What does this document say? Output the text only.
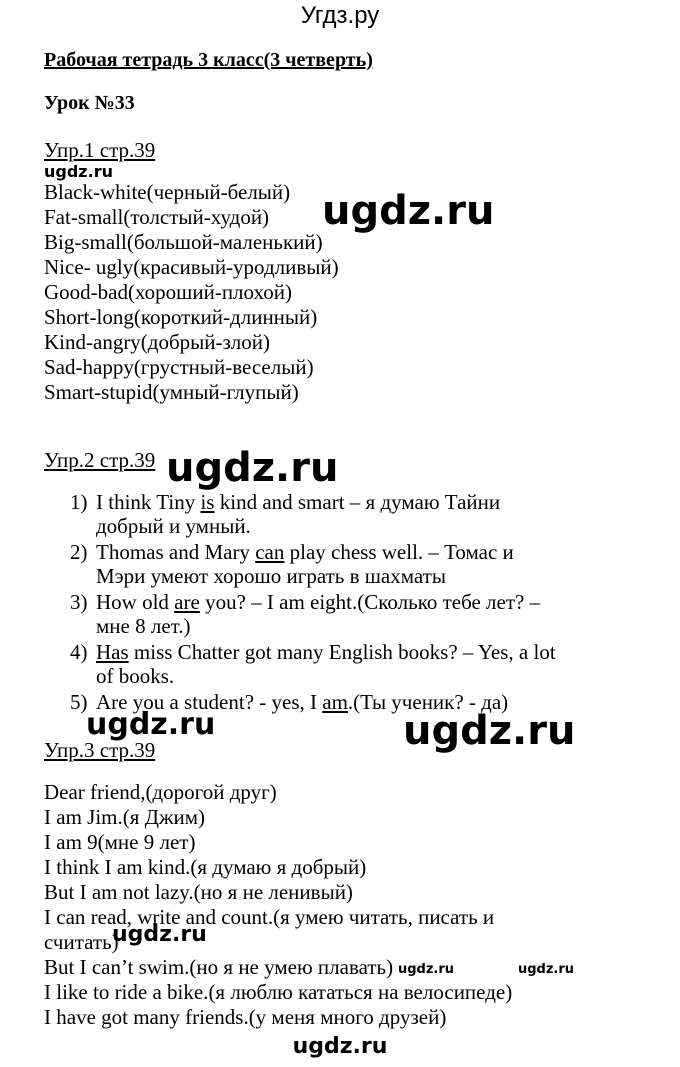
Угдз.ру
Рабочая тетрадь 3 класс(3 четверть)
Урок №33
Упр.1 стр.39
ugdz.ru
Black-white(черный-белый)
Fat-small(толстый-худой)
Big-small(большой-маленький)
Nice- ugly(красивый-уродливый)
Good-bad(хороший-плохой)
Short-long(короткий-длинный)
Kind-angry(добрый-злой)
Sad-happy(грустный-веселый)
Smart-stupid(умный-глупый)
ugdz.ru
Упр.2 стр.39 ugdz.ru
1) I think Tiny is kind and smart – я думаю Тайни
добрый и умный.
2) Thomas and Mary can play chess well. – Томас и
Мэри умеют хорошо играть в шахматы
3) How old are you? – I am eight.(Сколько тебе лет? –
мне 8 лет.)
4) Has miss Chatter got many English books? – Yes, a lot
of books.
5) Are you a student? - yes, I am.(Ты ученик? - да)
ugdz.ru	ugdz.ru
Упр.3 стр.39
Dear friend,(дорогой друг)
I am Jim.(я Джим)
I am 9(мне 9 лет)
I think I am kind.(я думаю я добрый)
But I am not lazy.(но я не ленивый)
I can read, write and count.(я умею читать, писать и
считать)
ugdz.ru
But I can’t swim.(но я не умею плавать) ugdz.ru	ugdz.ru
I like to ride a bike.(я люблю кататься на велосипеде)
I have got many friends.(у меня много друзей)
ugdz.ru
